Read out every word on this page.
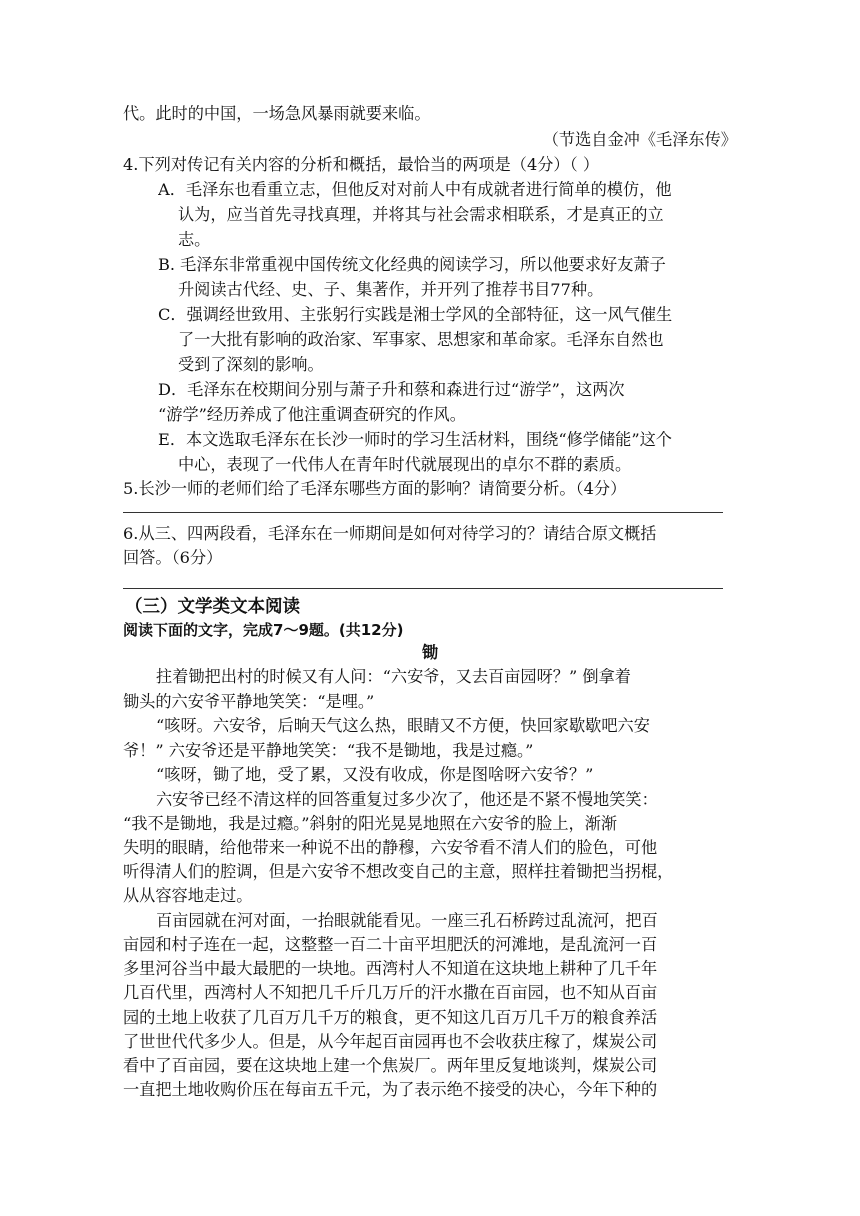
代。此时的中国，一场急风暴雨就要来临。
（节选自金冲《毛泽东传》
4.下列对传记有关内容的分析和概括，最恰当的两项是（4分）（ ）
A．毛泽东也看重立志，但他反对对前人中有成就者进行简单的模仿，他
认为，应当首先寻找真理，并将其与社会需求相联系，才是真正的立
志。
B. 毛泽东非常重视中国传统文化经典的阅读学习，所以他要求好友萧子
升阅读古代经、史、子、集著作，并开列了推荐书目77种。
C．强调经世致用、主张躬行实践是湘士学风的全部特征，这一风气催生
了一大批有影响的政治家、军事家、思想家和革命家。毛泽东自然也
受到了深刻的影响。
D．毛泽东在校期间分别与萧子升和蔡和森进行过“游学”，这两次
“游学”经历养成了他注重调查研究的作风。
E．本文选取毛泽东在长沙一师时的学习生活材料，围绕“修学储能”这个
中心，表现了一代伟人在青年时代就展现出的卓尔不群的素质。
5.长沙一师的老师们给了毛泽东哪些方面的影响？请简要分析。（4分）
6.从三、四两段看，毛泽东在一师期间是如何对待学习的？请结合原文概括
回答。（6分）
（三）文学类文本阅读
阅读下面的文字，完成7～9题。(共12分)
锄
拄着锄把出村的时候又有人问：“六安爷，又去百亩园呀？” 倒拿着
锄头的六安爷平静地笑笑：“是哩。”
“咳呀。六安爷，后晌天气这么热，眼睛又不方便，快回家歇歇吧六安
爷！” 六安爷还是平静地笑笑：“我不是锄地，我是过瘾。”
“咳呀，锄了地，受了累，又没有收成，你是图啥呀六安爷？”
六安爷已经不清这样的回答重复过多少次了，他还是不紧不慢地笑笑：
“我不是锄地，我是过瘾。”斜射的阳光晃晃地照在六安爷的脸上，渐渐
失明的眼睛，给他带来一种说不出的静穆，六安爷看不清人们的脸色，可他
听得清人们的腔调，但是六安爷不想改变自己的主意，照样拄着锄把当拐棍，
从从容容地走过。
百亩园就在河对面，一抬眼就能看见。一座三孔石桥跨过乱流河，把百
亩园和村子连在一起，这整整一百二十亩平坦肥沃的河滩地，是乱流河一百
多里河谷当中最大最肥的一块地。西湾村人不知道在这块地上耕种了几千年
几百代里，西湾村人不知把几千斤几万斤的汗水撒在百亩园，也不知从百亩
园的土地上收获了几百万几千万的粮食，更不知这几百万几千万的粮食养活
了世世代代多少人。但是，从今年起百亩园再也不会收获庄稼了，煤炭公司
看中了百亩园，要在这块地上建一个焦炭厂。两年里反复地谈判，煤炭公司
一直把土地收购价压在每亩五千元，为了表示绝不接受的决心，今年下种的
